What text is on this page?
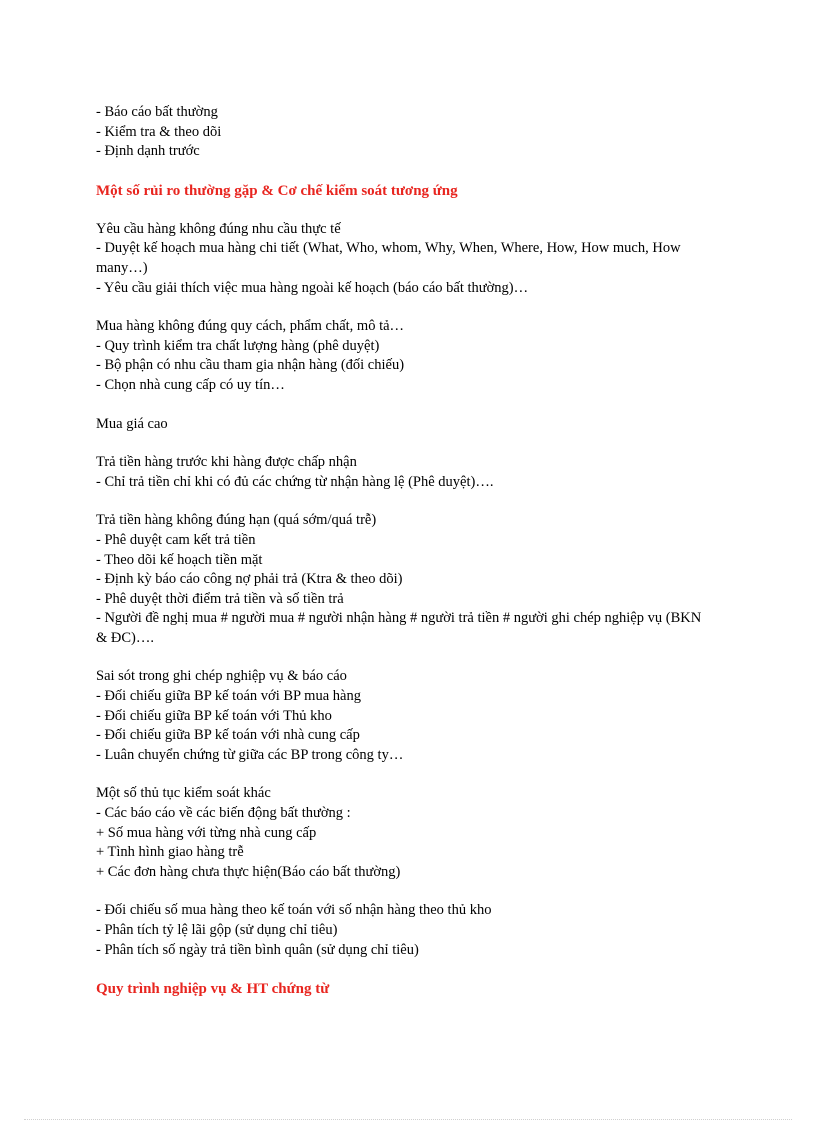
- Báo cáo bất thường
- Kiểm tra & theo dõi
- Định dạnh trước
Một số rủi ro thường gặp & Cơ chế kiểm soát tương ứng
Yêu cầu hàng không đúng nhu cầu thực tế
- Duyệt kế hoạch mua hàng chi tiết (What, Who, whom, Why, When, Where, How, How much, How many…)
- Yêu cầu giải thích việc mua hàng ngoài kế hoạch (báo cáo bất thường)…
Mua hàng không đúng quy cách, phẩm chất, mô tả…
- Quy trình kiểm tra chất lượng hàng (phê duyệt)
- Bộ phận có nhu cầu tham gia nhận hàng (đối chiếu)
- Chọn nhà cung cấp có uy tín…
Mua giá cao
Trả tiền hàng trước khi hàng được chấp nhận
- Chỉ trả tiền chỉ khi có đủ các chứng từ nhận hàng lệ (Phê duyệt)….
Trả tiền hàng không đúng hạn (quá sớm/quá trễ)
- Phê duyệt cam kết trả tiền
- Theo dõi kế hoạch tiền mặt
- Định kỳ báo cáo công nợ phải trả (Ktra & theo dõi)
- Phê duyệt thời điểm trả tiền và số tiền trả
- Người đề nghị mua # người mua # người nhận hàng # người trả tiền # người ghi chép nghiệp vụ (BKN & ĐC)….
Sai sót trong ghi chép nghiệp vụ & báo cáo
- Đối chiếu giữa BP kế toán với BP mua hàng
- Đối chiếu giữa BP kế toán với Thủ kho
- Đối chiếu giữa BP kế toán với nhà cung cấp
- Luân chuyển chứng từ giữa các BP trong công ty…
Một số thủ tục kiểm soát khác
- Các báo cáo về các biến động bất thường :
+ Số mua hàng với từng nhà cung cấp
+ Tình hình giao hàng trễ
+ Các đơn hàng chưa thực hiện(Báo cáo bất thường)
- Đối chiếu số mua hàng theo kế toán với số nhận hàng theo thủ kho
- Phân tích tỷ lệ lãi gộp (sử dụng chỉ tiêu)
- Phân tích số ngày trả tiền bình quân (sử dụng chỉ tiêu)
Quy trình nghiệp vụ & HT chứng từ
